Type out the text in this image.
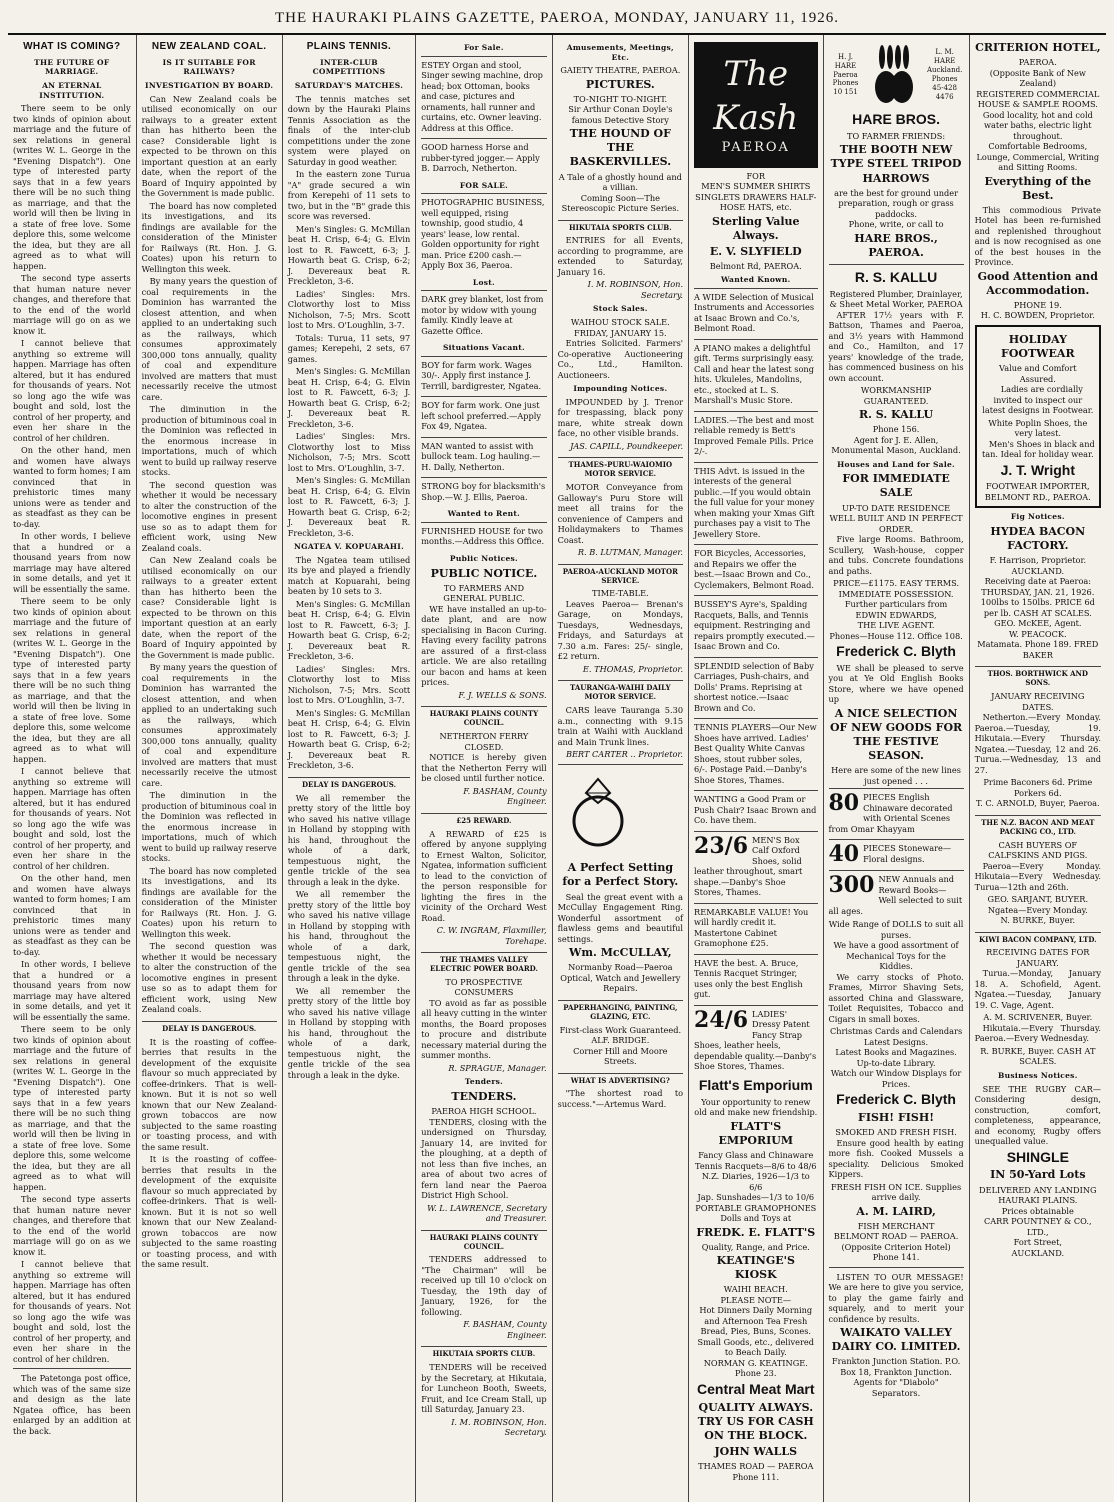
THE HAURAKI PLAINS GAZETTE, PAEROA, MONDAY, JANUARY 11, 1926.
WHAT IS COMING?
THE FUTURE OF MARRIAGE.
AN ETERNAL INSTITUTION.

There seem to be only two kinds of opinion about marriage and the future of sex relations in general (writes W. L. George in the "Evening Dispatch"). One type of interested party says that in a few years there will be no such thing as marriage, and that the world will then be living in a state of free love. Some deplore this, some welcome the idea, but they are all agreed as to what will happen.

The second type asserts that human nature never changes, and therefore that to the end of the world marriage will go on as we know it.

I cannot believe that anything so extreme will happen. Marriage has often altered, but it has endured for thousands of years. Not so long ago the wife was bought and sold, lost the control of her property, and even her share in the control of her children.

On the other hand, men and women have always wanted to form homes; I am convinced that in prehistoric times many unions were as tender and as steadfast as they can be to-day.

In other words, I believe that a hundred or a thousand years from now marriage may have altered in some details, and yet it will be essentially the same.

There seem to be only two kinds of opinion about marriage and the future of sex relations in general (writes W. L. George in the "Evening Dispatch"). One type of interested party says that in a few years there will be no such thing as marriage, and that the world will then be living in a state of free love. Some deplore this, some welcome the idea, but they are all agreed as to what will happen.

I cannot believe that anything so extreme will happen. Marriage has often altered, but it has endured for thousands of years. Not so long ago the wife was bought and sold, lost the control of her property, and even her share in the control of her children.

On the other hand, men and women have always wanted to form homes; I am convinced that in prehistoric times many unions were as tender and as steadfast as they can be to-day.

In other words, I believe that a hundred or a thousand years from now marriage may have altered in some details, and yet it will be essentially the same.

There seem to be only two kinds of opinion about marriage and the future of sex relations in general (writes W. L. George in the "Evening Dispatch"). One type of interested party says that in a few years there will be no such thing as marriage, and that the world will then be living in a state of free love. Some deplore this, some welcome the idea, but they are all agreed as to what will happen.

The second type asserts that human nature never changes, and therefore that to the end of the world marriage will go on as we know it.

I cannot believe that anything so extreme will happen. Marriage has often altered, but it has endured for thousands of years. Not so long ago the wife was bought and sold, lost the control of her property, and even her share in the control of her children.

The Patetonga post office, which was of the same size and design as the late Ngatea office, has been enlarged by an addition at the back.

NEW ZEALAND COAL.
IS IT SUITABLE FOR RAILWAYS?
INVESTIGATION BY BOARD.

Can New Zealand coals be utilised economically on our railways to a greater extent than has hitherto been the case? Considerable light is expected to be thrown on this important question at an early date, when the report of the Board of Inquiry appointed by the Government is made public.

The board has now completed its investigations, and its findings are available for the consideration of the Minister for Railways (Rt. Hon. J. G. Coates) upon his return to Wellington this week.

By many years the question of coal requirements in the Dominion has warranted the closest attention, and when applied to an undertaking such as the railways, which consumes approximately 300,000 tons annually, quality of coal and expenditure involved are matters that must necessarily receive the utmost care.

The diminution in the production of bituminous coal in the Dominion was reflected in the enormous increase in importations, much of which went to build up railway reserve stocks.

The second question was whether it would be necessary to alter the construction of the locomotive engines in present use so as to adapt them for efficient work, using New Zealand coals.

Can New Zealand coals be utilised economically on our railways to a greater extent than has hitherto been the case? Considerable light is expected to be thrown on this important question at an early date, when the report of the Board of Inquiry appointed by the Government is made public.

By many years the question of coal requirements in the Dominion has warranted the closest attention, and when applied to an undertaking such as the railways, which consumes approximately 300,000 tons annually, quality of coal and expenditure involved are matters that must necessarily receive the utmost care.

The diminution in the production of bituminous coal in the Dominion was reflected in the enormous increase in importations, much of which went to build up railway reserve stocks.

The board has now completed its investigations, and its findings are available for the consideration of the Minister for Railways (Rt. Hon. J. G. Coates) upon his return to Wellington this week.

The second question was whether it would be necessary to alter the construction of the locomotive engines in present use so as to adapt them for efficient work, using New Zealand coals.

DELAY IS DANGEROUS.

It is the roasting of coffee-berries that results in the development of the exquisite flavour so much appreciated by coffee-drinkers. That is well-known. But it is not so well known that our New Zealand-grown tobaccos are now subjected to the same roasting or toasting process, and with the same result.

It is the roasting of coffee-berries that results in the development of the exquisite flavour so much appreciated by coffee-drinkers. That is well-known. But it is not so well known that our New Zealand-grown tobaccos are now subjected to the same roasting or toasting process, and with the same result.

PLAINS TENNIS.
INTER-CLUB COMPETITIONS
SATURDAY'S MATCHES.

The tennis matches set down by the Hauraki Plains Tennis Association as the finals of the inter-club competitions under the zone system were played on Saturday in good weather.

In the eastern zone Turua "A" grade secured a win from Kerepehi of 11 sets to two, but in the "B" grade this score was reversed.

Men's Singles: G. McMillan beat H. Crisp, 6-4; G. Elvin lost to R. Fawcett, 6-3; J. Howarth beat G. Crisp, 6-2; J. Devereaux beat R. Freckleton, 3-6.

Ladies' Singles: Mrs. Clotworthy lost to Miss Nicholson, 7-5; Mrs. Scott lost to Mrs. O'Loughlin, 3-7.

Totals: Turua, 11 sets, 97 games; Kerepehi, 2 sets, 67 games.

Men's Singles: G. McMillan beat H. Crisp, 6-4; G. Elvin lost to R. Fawcett, 6-3; J. Howarth beat G. Crisp, 6-2; J. Devereaux beat R. Freckleton, 3-6.

Ladies' Singles: Mrs. Clotworthy lost to Miss Nicholson, 7-5; Mrs. Scott lost to Mrs. O'Loughlin, 3-7.

Men's Singles: G. McMillan beat H. Crisp, 6-4; G. Elvin lost to R. Fawcett, 6-3; J. Howarth beat G. Crisp, 6-2; J. Devereaux beat R. Freckleton, 3-6.

NGATEA V. KOPUARAHI.

The Ngatea team utilised its bye and played a friendly match at Kopuarahi, being beaten by 10 sets to 3.

Men's Singles: G. McMillan beat H. Crisp, 6-4; G. Elvin lost to R. Fawcett, 6-3; J. Howarth beat G. Crisp, 6-2; J. Devereaux beat R. Freckleton, 3-6.

Ladies' Singles: Mrs. Clotworthy lost to Miss Nicholson, 7-5; Mrs. Scott lost to Mrs. O'Loughlin, 3-7.

Men's Singles: G. McMillan beat H. Crisp, 6-4; G. Elvin lost to R. Fawcett, 6-3; J. Howarth beat G. Crisp, 6-2; J. Devereaux beat R. Freckleton, 3-6.

DELAY IS DANGEROUS.

We all remember the pretty story of the little boy who saved his native village in Holland by stopping with his hand, throughout the whole of a dark, tempestuous night, the gentle trickle of the sea through a leak in the dyke.

We all remember the pretty story of the little boy who saved his native village in Holland by stopping with his hand, throughout the whole of a dark, tempestuous night, the gentle trickle of the sea through a leak in the dyke.

We all remember the pretty story of the little boy who saved his native village in Holland by stopping with his hand, throughout the whole of a dark, tempestuous night, the gentle trickle of the sea through a leak in the dyke.

For Sale.
ESTEY Organ and stool, Singer sewing machine, drop head; box Ottoman, books and case, pictures and ornaments, hall runner and curtains, etc. Owner leaving. Address at this Office.
GOOD harness Horse and rubber-tyred jogger.— Apply B. Darroch, Netherton.
FOR SALE.
PHOTOGRAPHIC BUSINESS, well equipped, rising township, good studio, 4 years' lease, low rental. Golden opportunity for right man. Price £200 cash.— Apply Box 36, Paeroa.
Lost.
DARK grey blanket, lost from motor by widow with young family. Kindly leave at Gazette Office.
Situations Vacant.
BOY for farm work. Wages 30/-. Apply first instance J. Terrill, bardigrester, Ngatea.
BOY for farm work. One just left school preferred.—Apply Fox 49, Ngatea.
MAN wanted to assist with bullock team. Log hauling.—H. Dally, Netherton.
STRONG boy for blacksmith's Shop.—W. J. Ellis, Paeroa.
Wanted to Rent.
FURNISHED HOUSE for two months.—Address this Office.
Public Notices.
PUBLIC NOTICE.
TO FARMERS AND GENERAL PUBLIC.

WE have installed an up-to-date plant, and are now specialising in Bacon Curing. Having every facility patrons are assured of a first-class article. We are also retailing our bacon and hams at keen prices.

F. J. WELLS & SONS.
HAURAKI PLAINS COUNTY COUNCIL.
NETHERTON FERRY CLOSED.

NOTICE is hereby given that the Netherton Ferry will be closed until further notice.

F. BASHAM, County Engineer.
£25 REWARD.

A REWARD of £25 is offered by anyone supplying to Ernest Walton, Solicitor, Ngatea, information sufficient to lead to the conviction of the person responsible for lighting the fires in the vicinity of the Orchard West Road.

C. W. INGRAM, Flaxmiller, Torehape.
THE THAMES VALLEY ELECTRIC POWER BOARD.
TO PROSPECTIVE CONSUMERS

TO avoid as far as possible all heavy cutting in the winter months, the Board proposes to procure and distribute necessary material during the summer months.

R. SPRAGUE, Manager.
Tenders.
TENDERS.
PAEROA HIGH SCHOOL.

TENDERS, closing with the undersigned on Thursday, January 14, are invited for the ploughing, at a depth of not less than five inches, an area of about two acres of fern land near the Paeroa District High School.

W. L. LAWRENCE, Secretary and Treasurer.
HAURAKI PLAINS COUNTY COUNCIL.

TENDERS addressed to "The Chairman" will be received up till 10 o'clock on Tuesday, the 19th day of January, 1926, for the following.

F. BASHAM, County Engineer.
HIKUTAIA SPORTS CLUB.

TENDERS will be received by the Secretary, at Hikutaia, for Luncheon Booth, Sweets, Fruit, and Ice Cream Stall, up till Saturday, January 23.

I. M. ROBINSON, Hon. Secretary.
Amusements, Meetings, Etc.
GAIETY THEATRE, PAEROA.
PICTURES.
TO-NIGHT TO-NIGHT.
Sir Arthur Conan Doyle's famous Detective Story
THE HOUND OF THE BASKERVILLES.
A Tale of a ghostly hound and a villian.
Coming Soon—The Stereoscopic Picture Series.
HIKUTAIA SPORTS CLUB.

ENTRIES for all Events, according to programme, are extended to Saturday, January 16.

I. M. ROBINSON, Hon. Secretary.
Stock Sales.
WAIHOU STOCK SALE.
FRIDAY, JANUARY 15.

Entries Solicited. Farmers' Co-operative Auctioneering Co., Ltd., Hamilton. Auctioneers.

Impounding Notices.

IMPOUNDED by J. Trenor for trespassing, black pony mare, white streak down face, no other visible brands.

JAS. CAPILL, Poundkeeper.
THAMES-PURU-WAIOMIO MOTOR SERVICE.

MOTOR Conveyance from Galloway's Puru Store will meet all trains for the convenience of Campers and Holidaymakers to Thames Coast.

R. B. LUTMAN, Manager.
PAEROA-AUCKLAND MOTOR SERVICE.
TIME-TABLE.

Leaves Paeroa— Brenan's Garage, on Mondays, Tuesdays, Wednesdays, Fridays, and Saturdays at 7.30 a.m. Fares: 25/- single, £2 return.

E. THOMAS, Proprietor.
TAURANGA-WAIHI DAILY MOTOR SERVICE.

CARS leave Tauranga 5.30 a.m., connecting with 9.15 train at Waihi with Auckland and Main Trunk lines.

BERT CARTER .. Proprietor.
A Perfect Setting for a Perfect Story.

Seal the great event with a McCullay Engagement Ring. Wonderful assortment of flawless gems and beautiful settings.

Wm. McCULLAY,
Normanby Road—Paeroa
Optical, Watch and Jewellery Repairs.
PAPERHANGING, PAINTING, GLAZING, ETC.
First-class Work Guaranteed.
ALF. BRIDGE.
Corner Hill and Moore Streets.
WHAT IS ADVERTISING?

"The shortest road to success."—Artemus Ward.

The Kash
PAEROA
FOR
MEN'S SUMMER SHIRTS SINGLETS DRAWERS HALF-HOSE HATS, etc.
Sterling Value Always.
E. V. SLYFIELD
Belmont Rd, PAEROA.
Wanted Known.
A WIDE Selection of Musical Instruments and Accessories at Isaac Brown and Co.'s, Belmont Road.
A PIANO makes a delightful gift. Terms surprisingly easy. Call and hear the latest song hits. Ukuleles, Mandolins, etc., stocked at L. S. Marshall's Music Store.
LADIES.—The best and most reliable remedy is Bett's Improved Female Pills. Price 2/-.
THIS Advt. is issued in the interests of the general public.—If you would obtain the full value for your money when making your Xmas Gift purchases pay a visit to The Jewellery Store.
FOR Bicycles, Accessories, and Repairs we offer the best.—Isaac Brown and Co., Cyclemakers, Belmont Road.
BUSSEY'S Ayre's, Spalding Racquets, Balls, and Tennis equipment. Restringing and repairs promptly executed.—Isaac Brown and Co.
SPLENDID selection of Baby Carriages, Push-chairs, and Dolls' Prams. Reprising at shortest notice.—Isaac Brown and Co.
TENNIS PLAYERS—Our New Shoes have arrived. Ladies' Best Quality White Canvas Shoes, stout rubber soles, 6/-. Postage Paid.—Danby's Shoe Stores, Thames.
WANTING a Good Pram or Push Chair? Isaac Brown and Co. have them.
23/6 MEN'S Box Calf Oxford Shoes, solid leather throughout, smart shape.—Danby's Shoe Stores, Thames.
REMARKABLE VALUE! You will hardly credit it. Mastertone Cabinet Gramophone £25.
HAVE the best. A. Bruce, Tennis Racquet Stringer, uses only the best English gut.
24/6 LADIES' Dressy Patent Fancy Strap Shoes, leather heels, dependable quality.—Danby's Shoe Stores, Thames.
Flatt's Emporium
Your opportunity to renew old and make new friendship.
FLATT'S EMPORIUM
Fancy Glass and Chinaware
Tennis Racquets—8/6 to 48/6
N.Z. Diaries, 1926—1/3 to 6/6
Jap. Sunshades—1/3 to 10/6
PORTABLE GRAMOPHONES
Dolls and Toys at
FREDK. E. FLATT'S
Quality, Range, and Price.
KEATINGE'S KIOSK
WAIHI BEACH.
PLEASE NOTE—
Hot Dinners Daily Morning and Afternoon Tea Fresh Bread, Pies, Buns, Scones.
Small Goods, etc., delivered to Beach Daily.
NORMAN G. KEATINGE. Phone 23.
Central Meat Mart
QUALITY ALWAYS. TRY US FOR CASH ON THE BLOCK.
JOHN WALLS
THAMES ROAD — PAEROA Phone 111.
H. J. HARE Paeroa Phones 10 151
L. M. HARE Auckland. Phones 45-428 4476
HARE BROS.
TO FARMER FRIENDS:
THE BOOTH NEW TYPE STEEL TRIPOD HARROWS
are the best for ground under preparation, rough or grass paddocks.
Phone, write, or call to
HARE BROS., PAEROA.
R. S. KALLU
Registered Plumber, Drainlayer, & Sheet Metal Worker, PAEROA

AFTER 17½ years with F. Battson, Thames and Paeroa, and 3½ years with Hammond and Co., Hamilton, and 17 years' knowledge of the trade, has commenced business on his own account.

WORKMANSHIP GUARANTEED.
R. S. KALLU
Phone 156.
Agent for J. E. Allen, Monumental Mason, Auckland.
Houses and Land for Sale.
FOR IMMEDIATE SALE
UP-TO DATE RESIDENCE
WELL BUILT AND IN PERFECT ORDER.

Five large Rooms. Bathroom, Scullery, Wash-house, copper and tubs. Concrete foundations and paths.

PRICE—£1175. EASY TERMS.
IMMEDIATE POSSESSION.
Further particulars from
EDWIN EDWARDS,
THE LIVE AGENT.
Phones—House 112. Office 108.
Frederick C. Blyth

WE shall be pleased to serve you at Ye Old English Books Store, where we have opened up

A NICE SELECTION OF NEW GOODS FOR THE FESTIVE SEASON.
Here are some of the new lines just opened . . .
80 PIECES English Chinaware decorated with Oriental Scenes from Omar Khayyam
40 PIECES Stoneware—Floral designs.
300 NEW Annuals and Reward Books—Well selected to suit all ages.
Wide Range of DOLLS to suit all purses.
We have a good assortment of Mechanical Toys for the Kiddies.

We carry stocks of Photo. Frames, Mirror Shaving Sets, assorted China and Glassware, Toilet Requisites, Tobacco and Cigars in small boxes.

Christmas Cards and Calendars Latest Designs.
Latest Books and Magazines. Up-to-date Library.
Watch our Window Displays for Prices.
Frederick C. Blyth
FISH! FISH!
SMOKED AND FRESH FISH.

Ensure good health by eating more fish. Cooked Mussels a speciality. Delicious Smoked Kippers.

FRESH FISH ON ICE. Supplies arrive daily.
A. M. LAIRD,
FISH MERCHANT
BELMONT ROAD — PAEROA. (Opposite Criterion Hotel) Phone 141.

LISTEN TO OUR MESSAGE! We are here to give you service, to play the game fairly and squarely, and to merit your confidence by results.

WAIKATO VALLEY DAIRY CO. LIMITED.
Frankton Junction Station. P.O. Box 18, Frankton Junction. Agents for "Diabolo" Separators.
CRITERION HOTEL,
PAEROA.
(Opposite Bank of New Zealand)
REGISTERED COMMERCIAL HOUSE & SAMPLE ROOMS.
Good locality, hot and cold water baths, electric light throughout.
Comfortable Bedrooms, Lounge, Commercial, Writing and Sitting Rooms.
Everything of the Best.

This commodious Private Hotel has been re-furnished and replenished throughout and is now recognised as one of the best houses in the Province.

Good Attention and Accommodation.
PHONE 19.
H. C. BOWDEN, Proprietor.
HOLIDAY FOOTWEAR
Value and Comfort Assured.

Ladies are cordially invited to inspect our latest designs in Footwear.

White Poplin Shoes, the very latest.

Men's Shoes in black and tan. Ideal for holiday wear.

J. T. Wright
FOOTWEAR IMPORTER, BELMONT RD., PAEROA.
Fig Notices.
HYDEA BACON FACTORY.
F. Harrison, Proprietor. AUCKLAND.
Receiving date at Paeroa: THURSDAY, JAN. 21, 1926.
100lbs to 150lbs. PRICE 6d per lb. CASH AT SCALES.
GEO. McKEE, Agent.
W. PEACOCK.
Matamata. Phone 189. FRED BAKER
THOS. BORTHWICK AND SONS.
JANUARY RECEIVING DATES.

Netherton.—Every Monday. Paeroa.—Tuesday, 19. Hikutaia.—Every Thursday. Ngatea.—Tuesday, 12 and 26. Turua.—Wednesday, 13 and 27.

Prime Baconers 6d. Prime Porkers 6d.
T. C. ARNOLD, Buyer, Paeroa.
THE N.Z. BACON AND MEAT PACKING CO., LTD.
CASH BUYERS OF CALFSKINS AND PIGS.

Paeroa—Every Monday. Hikutaia—Every Wednesday. Turua—12th and 26th.

GEO. SARJANT, BUYER.
Ngatea—Every Monday.
N. BURKE, Buyer.
KIWI BACON COMPANY, LTD.
RECEIVING DATES FOR JANUARY.

Turua.—Monday, January 18. A. Schofield, Agent. Ngatea.—Tuesday, January 19. C. Vage, Agent.

A. M. SCRIVENER, Buyer.

Hikutaia.—Every Thursday. Paeroa.—Every Wednesday.

R. BURKE, Buyer. CASH AT SCALES.
Business Notices.

SEE THE RUGBY CAR—Considering design, construction, comfort, completeness, appearance, and economy, Rugby offers unequalled value.

SHINGLE
IN 50-Yard Lots
DELIVERED ANY LANDING HAURAKI PLAINS.
Prices obtainable
CARR POUNTNEY & CO., LTD.,
Fort Street,
AUCKLAND.
